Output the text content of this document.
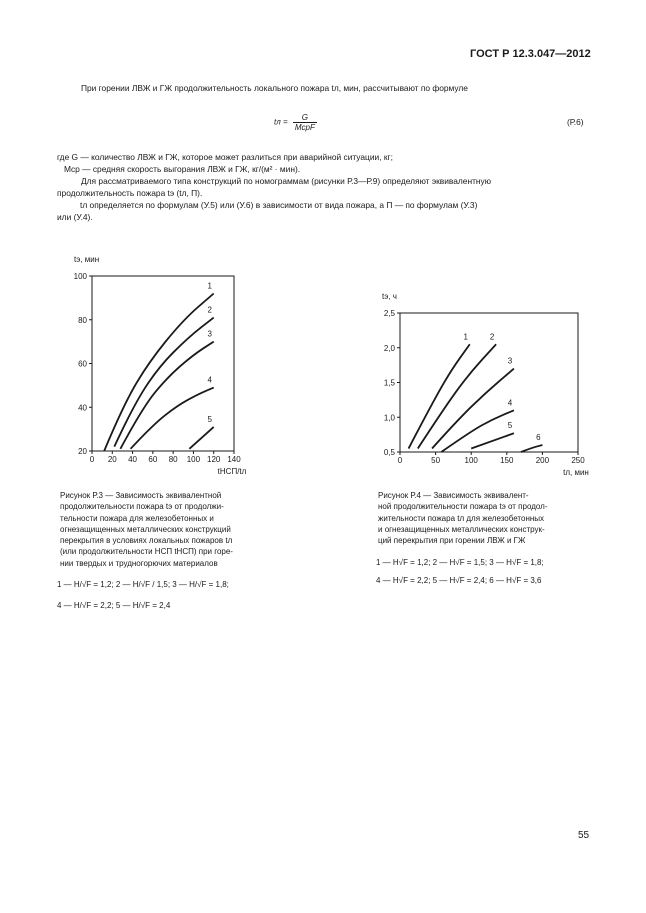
ГОСТ Р 12.3.047—2012
При горении ЛВЖ и ГЖ продолжительность локального пожара tл, мин, рассчитывают по формуле
tл = $\frac{G}{\text{MсрF}}$	(Р.6)
где G — количество ЛВЖ и ГЖ, которое может разлиться при аварийной ситуации, кг;
Mср — средняя скорость выгорания ЛВЖ и ГЖ, кг/(м² · мин).
Для рассматриваемого типа конструкций по номограммам (рисунки Р.3—Р.9) определяют эквивалентную
продолжительность пожара tэ (tл, П).
tл определяется по формулам (У.5) или (У.6) в зависимости от вида пожара, а П — по формулам (У.3)
или (У.4).
0 20 40 60 80 100 120 140
20
40
60
80
100
1
2
3
4
5
tэ, мин
tНСП/tл
0	50	100	150	200	250
0,5
1,0
1,5
2,0
2,5
1	2
3
4
5
6
tэ, ч
tл, мин
Рисунок Р.3 — Зависимость эквивалентной
продолжительности пожара tэ от продолжи-
тельности пожара для железобетонных и
огнезащищенных металлических конструкций
перекрытия в условиях локальных пожаров tл
(или продолжительности НСП tНСП) при горе-
нии твердых и трудногорючих материалов
1 — H/√F = 1,2; 2 — H/√F / 1,5; 3 — H/√F = 1,8;
4 — H/√F = 2,2; 5 — H/√F = 2,4
Рисунок Р.4 — Зависимость эквивалент-
ной продолжительности пожара tэ от продол-
жительности пожара tл для железобетонных
и огнезащищенных металлических конструк-
ций перекрытия при горении ЛВЖ и ГЖ
1 — H√F = 1,2; 2 — H√F = 1,5; 3 — H√F = 1,8;
4 — H√F = 2,2; 5 — H√F = 2,4; 6 — H√F = 3,6
55
